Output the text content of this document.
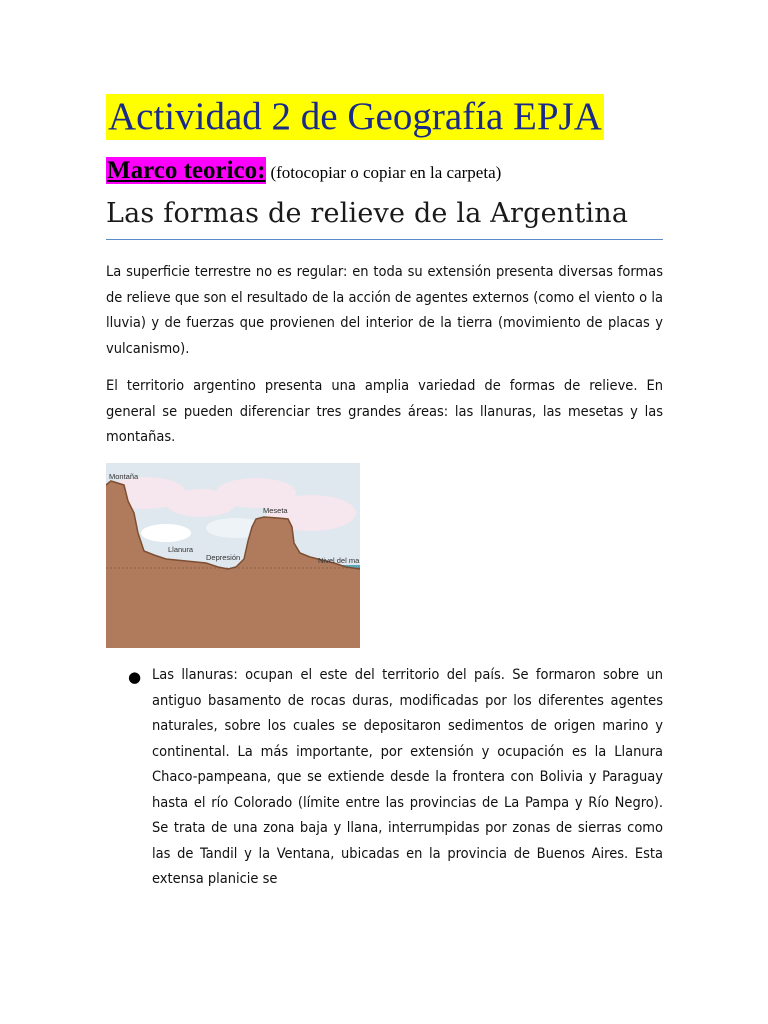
Actividad 2 de Geografía EPJA
Marco teorico: (fotocopiar o copiar en la carpeta)
Las formas de relieve de la Argentina

La superficie terrestre no es regular: en toda su extensión presenta diversas formas de relieve que son el resultado de la acción de agentes externos (como el viento o la lluvia) y de fuerzas que provienen del interior de la tierra (movimiento de placas y vulcanismo).

El territorio argentino presenta una amplia variedad de formas de relieve. En general se pueden diferenciar tres grandes áreas: las llanuras, las mesetas y las montañas.

Montaña
Meseta
Llanura
Depresión	Nivel del ma
● Las llanuras: ocupan el este del territorio del país. Se formaron sobre un antiguo basamento de rocas duras, modificadas por los diferentes agentes naturales, sobre los cuales se depositaron sedimentos de origen marino y continental. La más importante, por extensión y ocupación es la Llanura Chaco-pampeana, que se extiende desde la frontera con Bolivia y Paraguay hasta el río Colorado (límite entre las provincias de La Pampa y Río Negro). Se trata de una zona baja y llana, interrumpidas por zonas de sierras como las de Tandil y la Ventana, ubicadas en la provincia de Buenos Aires. Esta extensa planicie se
